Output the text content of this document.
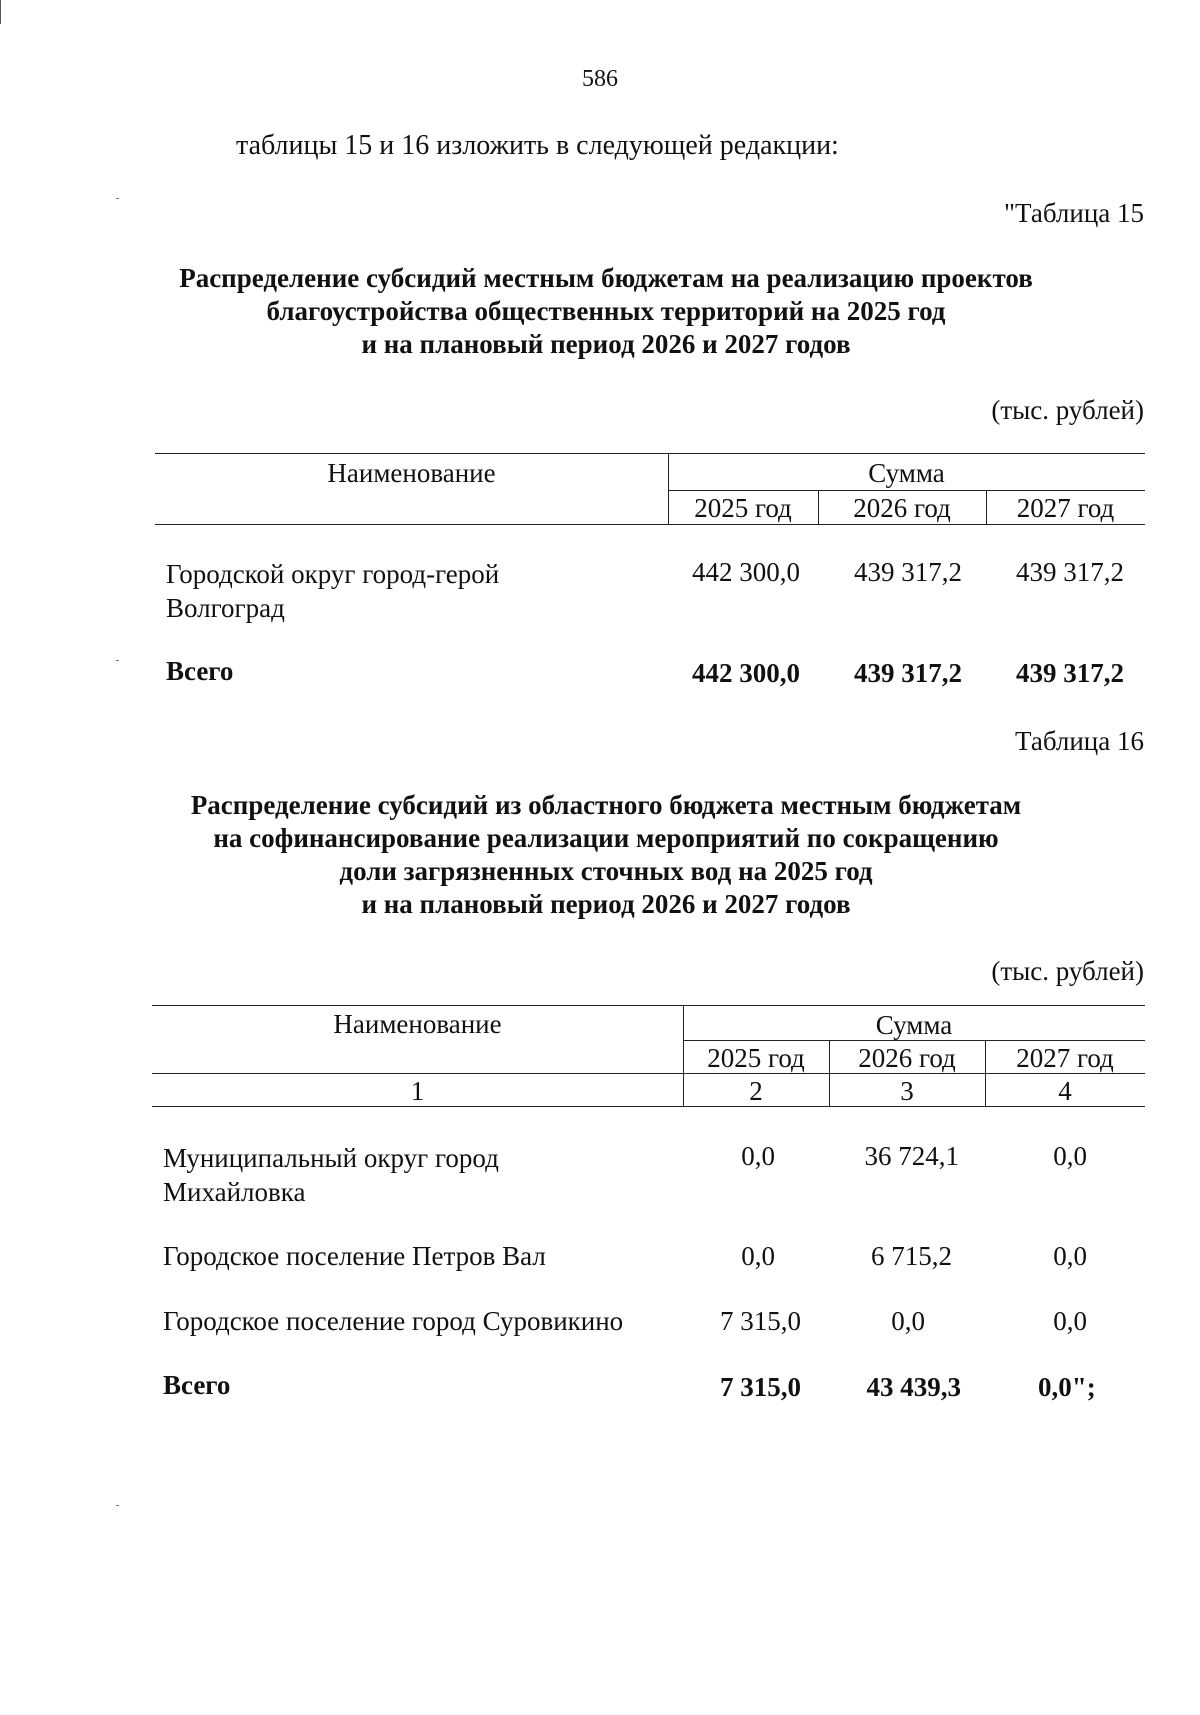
586
таблицы 15 и 16 изложить в следующей редакции:
"Таблица 15
Распределение субсидий местным бюджетам на реализацию проектов
благоустройства общественных территорий на 2025 год
и на плановый период 2026 и 2027 годов
(тыс. рублей)
Наименование	Сумма
2025 год	2026 год	2027 год
Городской округ город-герой
Волгоград
442 300,0	439 317,2	439 317,2
Всего	442 300,0	439 317,2	439 317,2
Таблица 16
Распределение субсидий из областного бюджета местным бюджетам
на софинансирование реализации мероприятий по сокращению
доли загрязненных сточных вод на 2025 год
и на плановый период 2026 и 2027 годов
(тыс. рублей)
Наименование	Сумма
2025 год	2026 год	2027 год
1	2	3	4
Муниципальный округ город
Михайловка
0,0	36 724,1	0,0
Городское поселение Петров Вал	0,0	6 715,2	0,0
Городское поселение город Суровикино	7 315,0	0,0	0,0
Всего	7 315,0	43 439,3	0,0";
